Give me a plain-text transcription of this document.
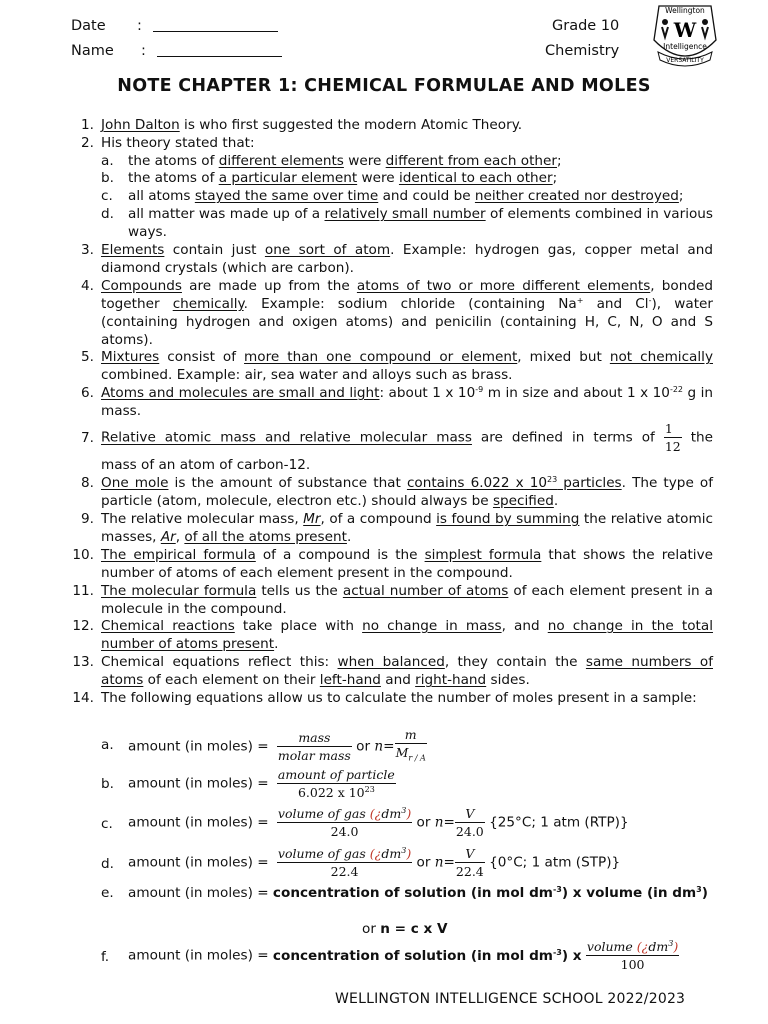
Date :
Name :
Grade 10
Chemistry
Wellington
W
Intelligence
VERSATILITY
NOTE CHAPTER 1: CHEMICAL FORMULAE AND MOLES
1. John Dalton is who first suggested the modern Atomic Theory.
2. His theory stated that:
a. the atoms of different elements were different from each other;
b. the atoms of a particular element were identical to each other;
c. all atoms stayed the same over time and could be neither created nor destroyed;
d. all matter was made up of a relatively small number of elements combined in various ways.
3. Elements contain just one sort of atom. Example: hydrogen gas, copper metal and diamond crystals (which are carbon).
4. Compounds are made up from the atoms of two or more different elements, bonded together chemically. Example: sodium chloride (containing Na+ and Cl-), water (containing hydrogen and oxigen atoms) and penicilin (containing H, C, N, O and S atoms).
5. Mixtures consist of more than one compound or element, mixed but not chemically combined. Example: air, sea water and alloys such as brass.
6. Atoms and molecules are small and light: about 1 x $10^{-9}$ m in size and about 1 x $10^{-22}$ g in mass.
7. Relative atomic mass and relative molecular mass are defined in terms of $\frac{1}{12}$ the
mass of an atom of carbon-12.
8. One mole is the amount of substance that contains 6.022 x $10^{23}$ particles. The type of particle (atom, molecule, electron etc.) should always be specified.
9. The relative molecular mass, Mr, of a compound is found by summing the relative atomic masses, Ar, of all the atoms present.
10. The empirical formula of a compound is the simplest formula that shows the relative number of atoms of each element present in the compound.
11. The molecular formula tells us the actual number of atoms of each element present in a molecule in the compound.
12. Chemical reactions take place with no change in mass, and no change in the total number of atoms present.
13. Chemical equations reflect this: when balanced, they contain the same numbers of atoms of each element on their left-hand and right-hand sides.
14. The following equations allow us to calculate the number of moles present in a sample:
a. amount (in moles) = $\frac{\text{mass}}{\text{molar mass}}$ or $n= \frac{m}{M_{r / A}}$
b. amount (in moles) = $\frac{\text{amount of particle}}{6.022 x 10^{23}}$
c. amount (in moles) = $\frac{volume of gas (¿dm^3)}{24.0}$ or $n= \frac{V}{24.0} \{25^\circ C$; 1 atm (RTP)}
d. amount (in moles) = $\frac{volume of gas (¿dm^3)}{22.4}$ or $n= \frac{V}{22.4} \{0^\circ C$; 1 atm (STP)}
e. amount (in moles) = concentration of solution (in mol $dm^{-3}$) x volume (in $dm^3$)
or n = c x V
f. amount (in moles) = concentration of solution (in mol $dm^{-3}$) x $\frac{volume (¿dm^3)}{100}$
WELLINGTON INTELLIGENCE SCHOOL 2022/2023
